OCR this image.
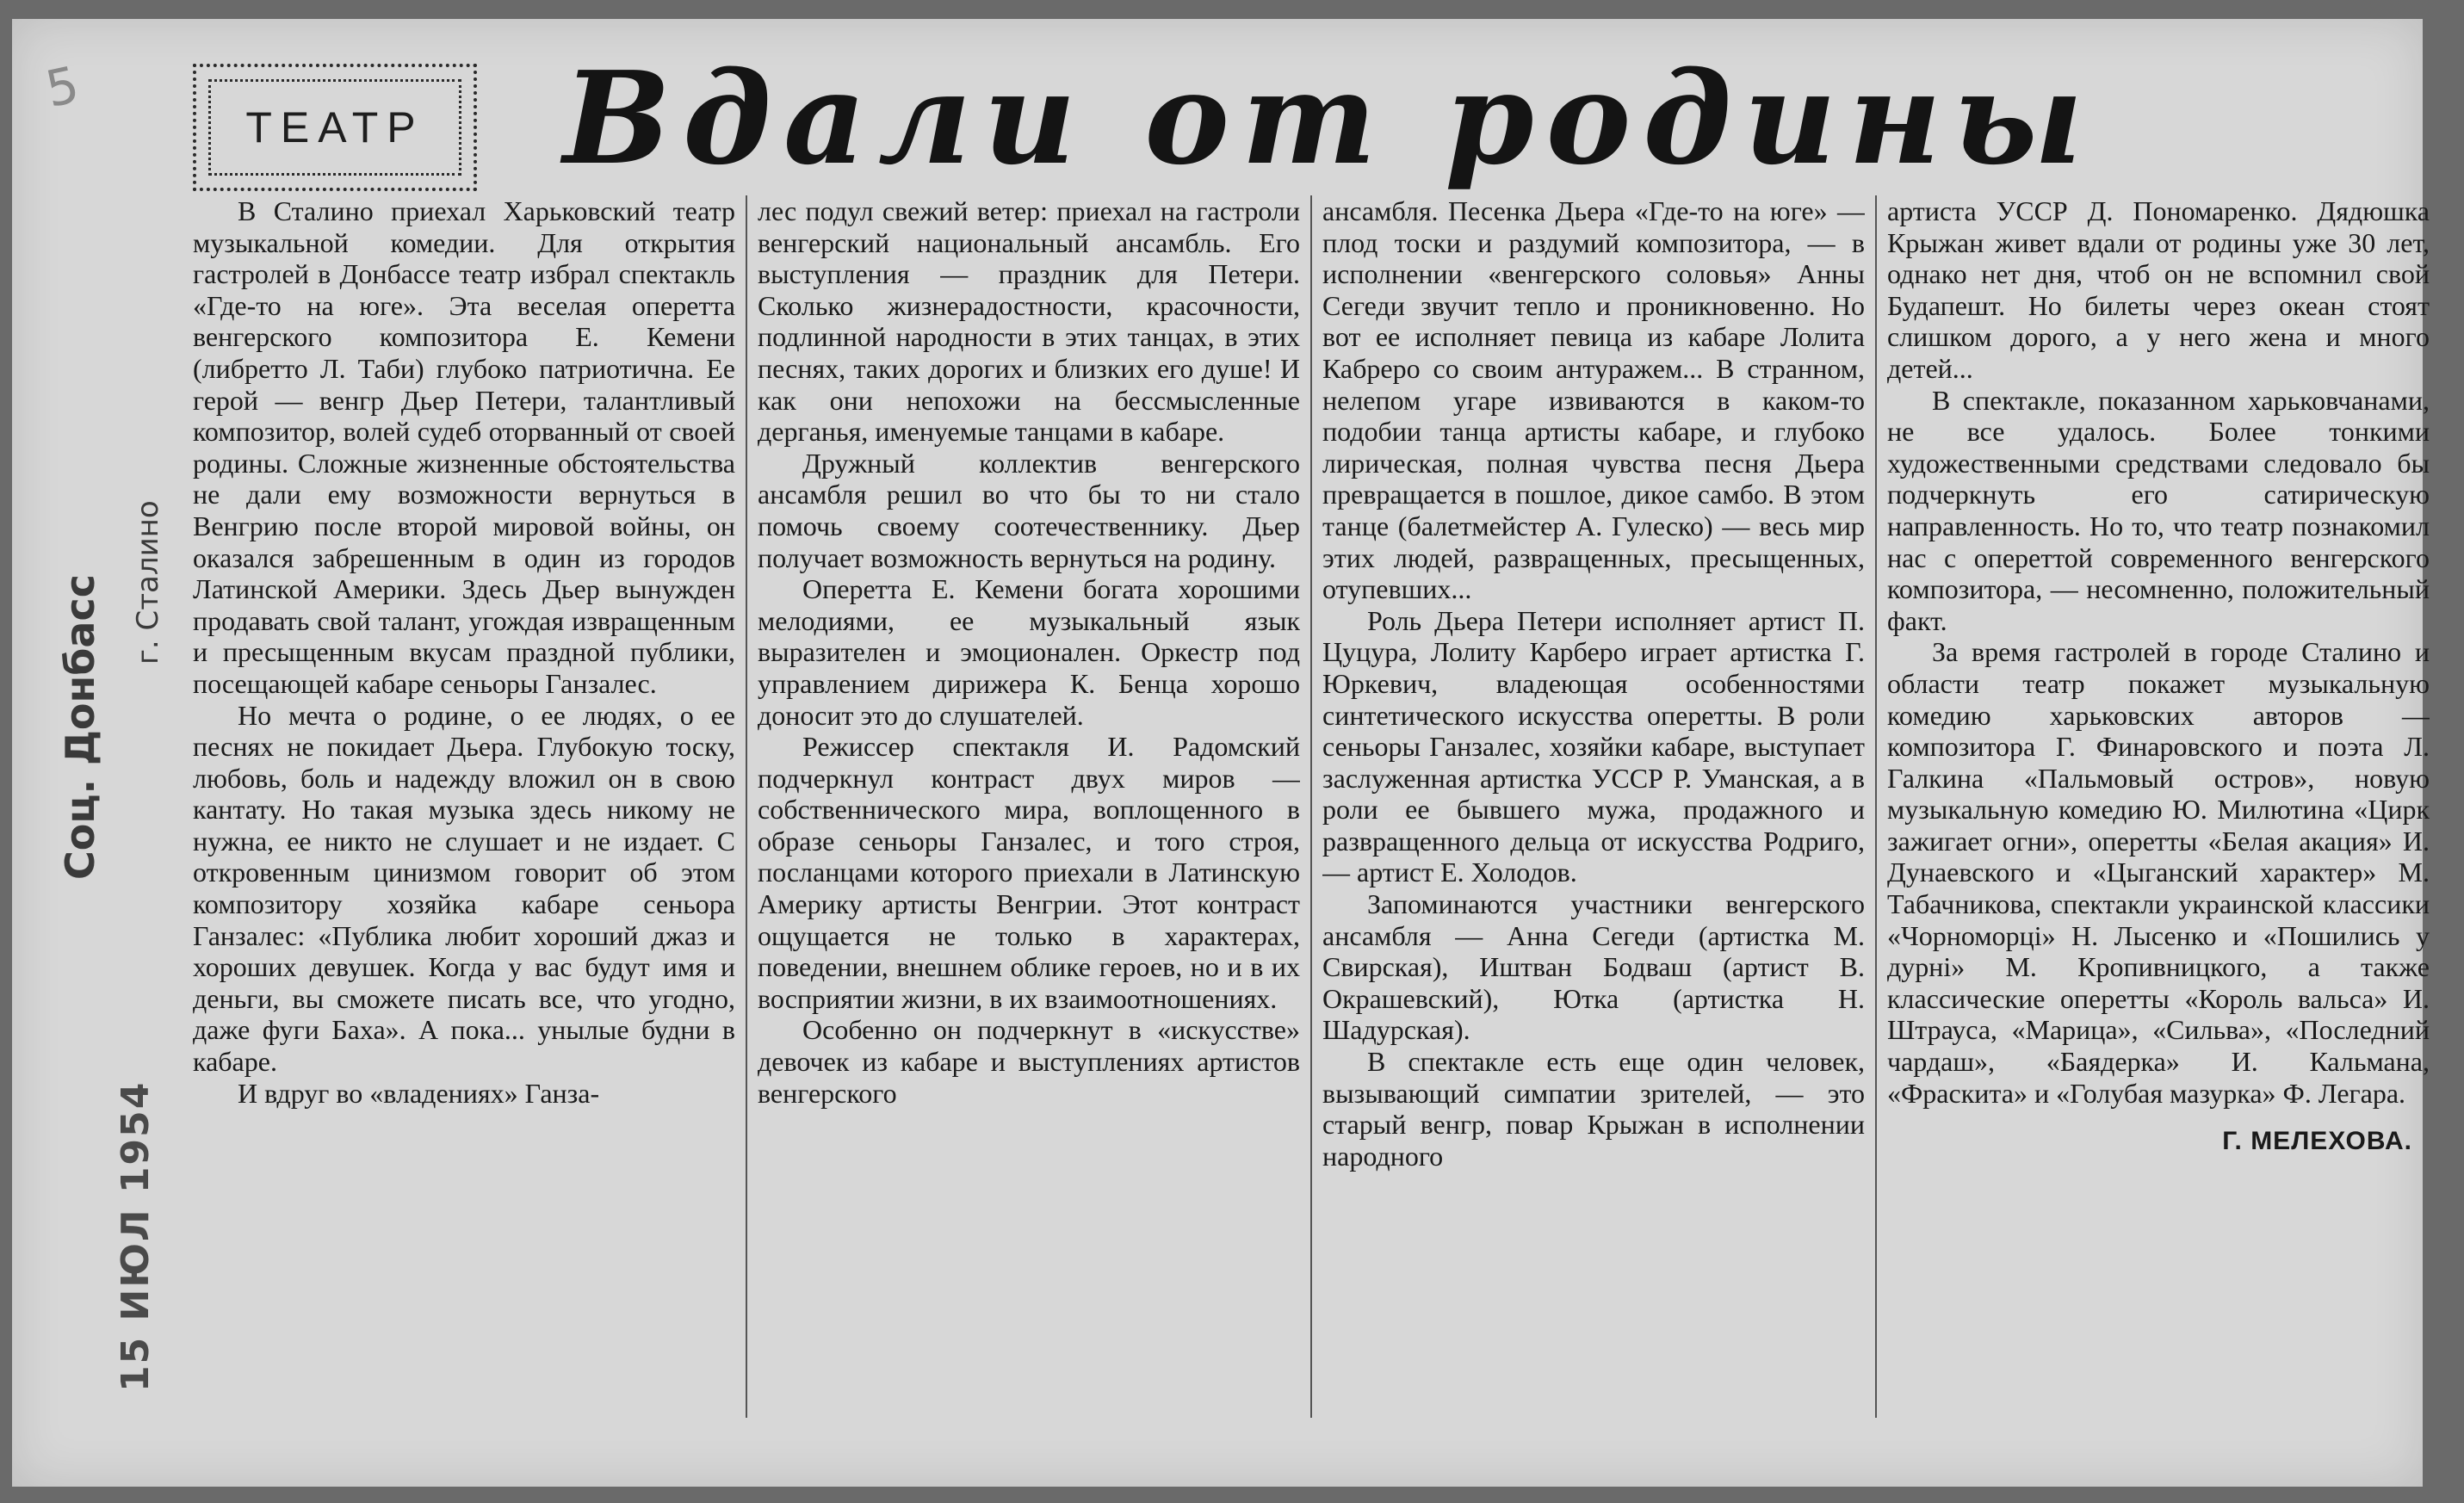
5
ТЕАТР Вдали от родины
Соц. Донбасс г. Сталино
15 ИЮЛ 1954

В Сталино приехал Харьковский театр музыкальной комедии. Для открытия гастролей в Донбассе театр избрал спектакль «Где-то на юге». Эта веселая оперетта венгерского композитора Е. Кемени (либретто Л. Таби) глубоко патриотична. Ее герой — венгр Дьер Петери, талантливый композитор, волей судеб оторванный от своей родины. Сложные жизненные обстоятельства не дали ему возможности вернуться в Венгрию после второй мировой войны, он оказался забрешенным в один из городов Латинской Америки. Здесь Дьер вынужден продавать свой талант, угождая извращенным и пресыщенным вкусам праздной публики, посещающей кабаре сеньоры Ганзалес.

Но мечта о родине, о ее людях, о ее песнях не покидает Дьера. Глубокую тоску, любовь, боль и надежду вложил он в свою кантату. Но такая музыка здесь никому не нужна, ее никто не слушает и не издает. С откровенным цинизмом говорит об этом композитору хозяйка кабаре сеньора Ганзалес: «Публика любит хороший джаз и хороших девушек. Когда у вас будут имя и деньги, вы сможете писать все, что угодно, даже фуги Баха». А пока... унылые будни в кабаре.

И вдруг во «владениях» Ганза-

лес подул свежий ветер: приехал на гастроли венгерский национальный ансамбль. Его выступления — праздник для Петери. Сколько жизнерадостности, красочности, подлинной народности в этих танцах, в этих песнях, таких дорогих и близких его душе! И как они непохожи на бессмысленные дерганья, именуемые танцами в кабаре.

Дружный коллектив венгерского ансамбля решил во что бы то ни стало помочь своему соотечественнику. Дьер получает возможность вернуться на родину.

Оперетта Е. Кемени богата хорошими мелодиями, ее музыкальный язык выразителен и эмоционален. Оркестр под управлением дирижера К. Бенца хорошо доносит это до слушателей.

Режиссер спектакля И. Радомский подчеркнул контраст двух миров — собственнического мира, воплощенного в образе сеньоры Ганзалес, и того строя, посланцами которого приехали в Латинскую Америку артисты Венгрии. Этот контраст ощущается не только в характерах, поведении, внешнем облике героев, но и в их восприятии жизни, в их взаимоотношениях.

Особенно он подчеркнут в «искусстве» девочек из кабаре и выступлениях артистов венгерского

ансамбля. Песенка Дьера «Где-то на юге» — плод тоски и раздумий композитора, — в исполнении «венгерского соловья» Анны Сегеди звучит тепло и проникновенно. Но вот ее исполняет певица из кабаре Лолита Кабреро со своим антуражем... В странном, нелепом угаре извиваются в каком-то подобии танца артисты кабаре, и глубоко лирическая, полная чувства песня Дьера превращается в пошлое, дикое самбо. В этом танце (балетмейстер А. Гулеско) — весь мир этих людей, развращенных, пресыщенных, отупевших...

Роль Дьера Петери исполняет артист П. Цуцура, Лолиту Карберо играет артистка Г. Юркевич, владеющая особенностями синтетического искусства оперетты. В роли сеньоры Ганзалес, хозяйки кабаре, выступает заслуженная артистка УССР Р. Уманская, а в роли ее бывшего мужа, продажного и развращенного дельца от искусства Родриго, — артист Е. Холодов.

Запоминаются участники венгерского ансамбля — Анна Сегеди (артистка М. Свирская), Иштван Бодваш (артист В. Окрашевский), Ютка (артистка Н. Шадурская).

В спектакле есть еще один человек, вызывающий симпатии зрителей, — это старый венгр, повар Крыжан в исполнении народного

артиста УССР Д. Пономаренко. Дядюшка Крыжан живет вдали от родины уже 30 лет, однако нет дня, чтоб он не вспомнил свой Будапешт. Но билеты через океан стоят слишком дорого, а у него жена и много детей...

В спектакле, показанном харьковчанами, не все удалось. Более тонкими художественными средствами следовало бы подчеркнуть его сатирическую направленность. Но то, что театр познакомил нас с опереттой современного венгерского композитора, — несомненно, положительный факт.

За время гастролей в городе Сталино и области театр покажет музыкальную комедию харьковских авторов — композитора Г. Финаровского и поэта Л. Галкина «Пальмовый остров», новую музыкальную комедию Ю. Милютина «Цирк зажигает огни», оперетты «Белая акация» И. Дунаевского и «Цыганский характер» М. Табачникова, спектакли украинской классики «Чорноморці» Н. Лысенко и «Пошились у дурні» М. Кропивницкого, а также классические оперетты «Король вальса» И. Штрауса, «Марица», «Сильва», «Последний чардаш», «Баядерка» И. Кальмана, «Фраскита» и «Голубая мазурка» Ф. Легара.

Г. МЕЛЕХОВА.
